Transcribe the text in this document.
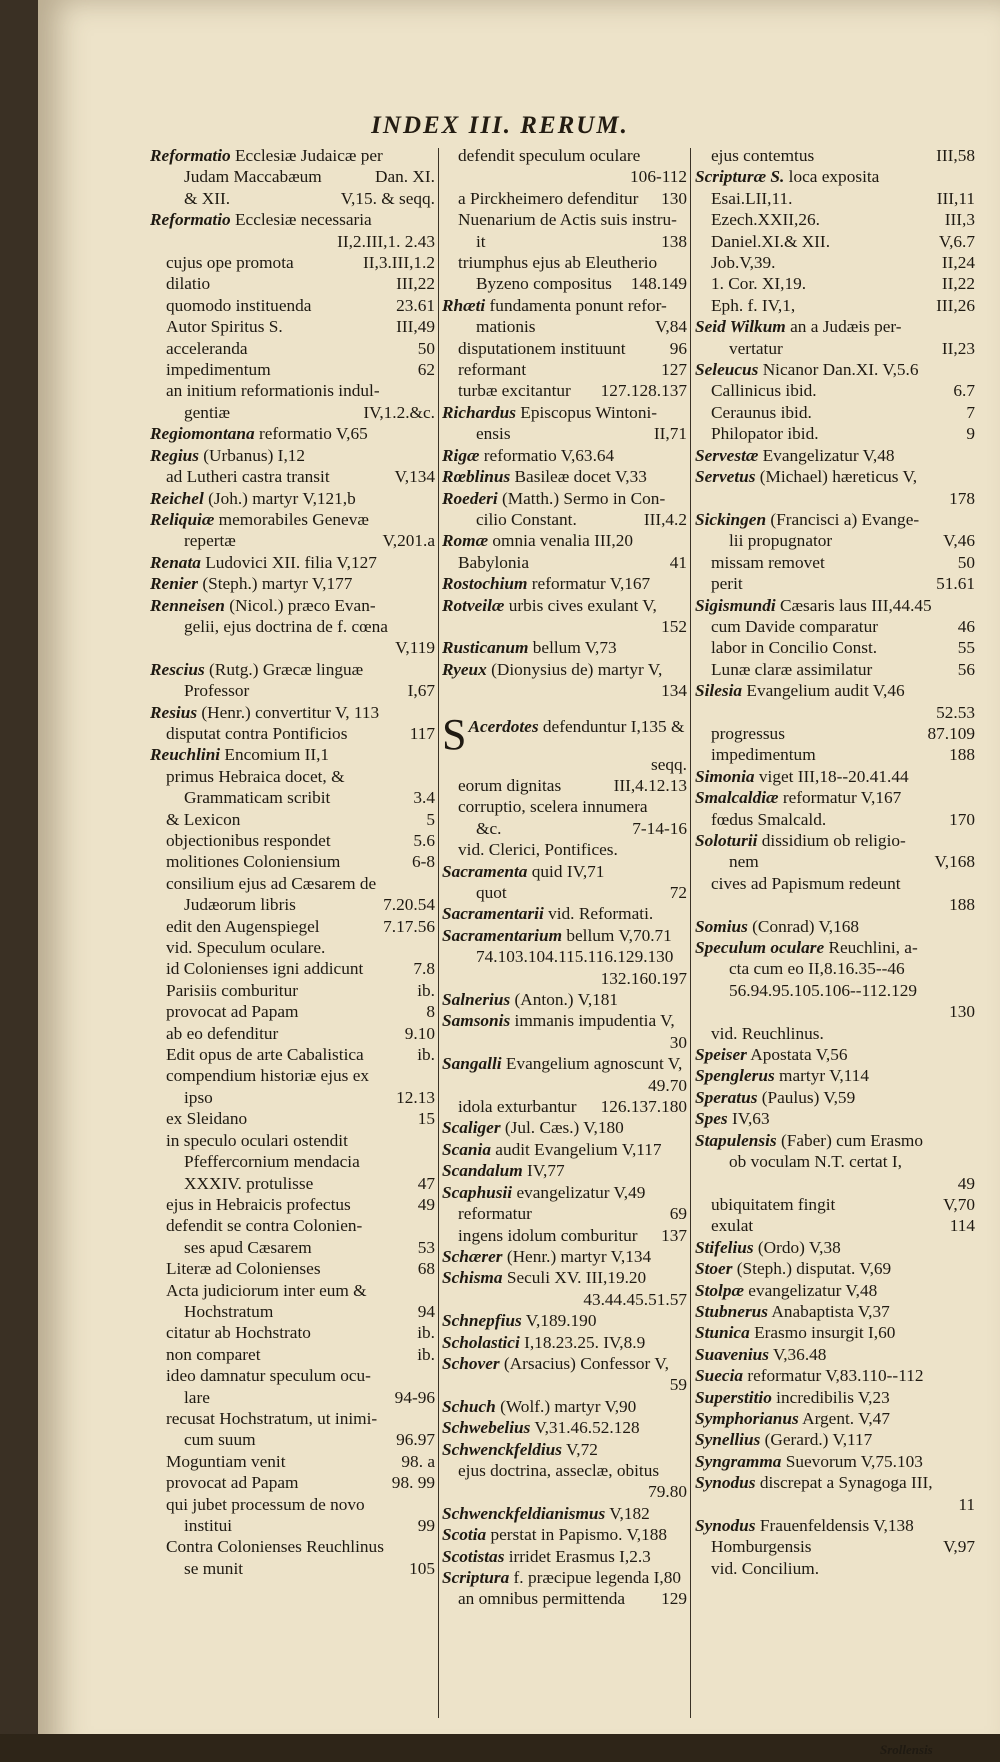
INDEX III. RERUM.
Reformatio Ecclesiæ Judaicæ per
Judam Maccabæum	Dan. XI.
& XII.	V,15. & seqq.
Reformatio Ecclesiæ necessaria
II,2.III,1. 2.43
cujus ope promota	II,3.III,1.2
dilatio	III,22
quomodo instituenda	23.61
Autor Spiritus S.	III,49
acceleranda	50
impedimentum	62
an initium reformationis indul-
gentiæ	IV,1.2.&c.
Regiomontana reformatio V,65
Regius (Urbanus) I,12
ad Lutheri castra transit	V,134
Reichel (Joh.) martyr V,121,b
Reliquiæ memorabiles Genevæ
repertæ	V,201.a
Renata Ludovici XII. filia V,127
Renier (Steph.) martyr V,177
Renneisen (Nicol.) præco Evan-
gelii, ejus doctrina de f. cœna
V,119
Rescius (Rutg.) Græcæ linguæ
Professor	I,67
Resius (Henr.) convertitur V, 113
disputat contra Pontificios	117
Reuchlini Encomium II,1
primus Hebraica docet, &
Grammaticam scribit	3.4
& Lexicon	5
objectionibus respondet	5.6
molitiones Coloniensium	6-8
consilium ejus ad Cæsarem de
Judæorum libris	7.20.54
edit den Augenspiegel	7.17.56
vid. Speculum oculare.
id Colonienses igni addicunt	7.8
Parisiis comburitur	ib.
provocat ad Papam	8
ab eo defenditur	9.10
Edit opus de arte Cabalistica	ib.
compendium historiæ ejus ex
ipso	12.13
ex Sleidano	15
in speculo oculari ostendit
Pfeffercornium mendacia
XXXIV. protulisse	47
ejus in Hebraicis profectus	49
defendit se contra Colonien-
ses apud Cæsarem	53
Literæ ad Colonienses	68
Acta judiciorum inter eum &
Hochstratum	94
citatur ab Hochstrato	ib.
non comparet	ib.
ideo damnatur speculum ocu-
lare	94-96
recusat Hochstratum, ut inimi-
cum suum	96.97
Moguntiam venit	98. a
provocat ad Papam	98. 99
qui jubet processum de novo
institui	99
Contra Colonienses Reuchlinus
se munit	105
defendit speculum oculare
106-112
a Pirckheimero defenditur	130
Nuenarium de Actis suis instru-
it	138
triumphus ejus ab Eleutherio
Byzeno compositus	148.149
Rhæti fundamenta ponunt refor-
mationis	V,84
disputationem instituunt	96
reformant	127
turbæ excitantur	127.128.137
Richardus Episcopus Wintoni-
ensis	II,71
Rigæ reformatio V,63.64
Rœblinus Basileæ docet V,33
Roederi (Matth.) Sermo in Con-
cilio Constant.	III,4.2
Romæ omnia venalia III,20
Babylonia	41
Rostochium reformatur V,167
Rotveilæ urbis cives exulant V,
152
Rusticanum bellum V,73
Ryeux (Dionysius de) martyr V,
134
S Acerdotes defenduntur I,135 &
seqq.
eorum dignitas	III,4.12.13
corruptio, scelera innumera
&c.	7-14-16
vid. Clerici, Pontifices.
Sacramenta quid IV,71
quot	72
Sacramentarii vid. Reformati.
Sacramentarium bellum V,70.71
74.103.104.115.116.129.130
132.160.197
Salnerius (Anton.) V,181
Samsonis immanis impudentia V,
30
Sangalli Evangelium agnoscunt V,
49.70
idola exturbantur	126.137.180
Scaliger (Jul. Cæs.) V,180
Scania audit Evangelium V,117
Scandalum IV,77
Scaphusii evangelizatur V,49
reformatur	69
ingens idolum comburitur	137
Schærer (Henr.) martyr V,134
Schisma Seculi XV. III,19.20
43.44.45.51.57
Schnepfius V,189.190
Scholastici I,18.23.25. IV,8.9
Schover (Arsacius) Confessor V,
59
Schuch (Wolf.) martyr V,90
Schwebelius V,31.46.52.128
Schwenckfeldius V,72
ejus doctrina, asseclæ, obitus
79.80
Schwenckfeldianismus V,182
Scotia perstat in Papismo. V,188
Scotistas irridet Erasmus I,2.3
Scriptura f. præcipue legenda I,80
an omnibus permittenda	129
ejus contemtus	III,58
Scripturæ S. loca exposita
Esai.LII,11.	III,11
Ezech.XXII,26.	III,3
Daniel.XI.& XII.	V,6.7
Job.V,39.	II,24
1. Cor. XI,19.	II,22
Eph. f. IV,1,	III,26
Seid Wilkum an a Judæis per-
vertatur	II,23
Seleucus Nicanor Dan.XI. V,5.6
Callinicus ibid.	6.7
Ceraunus ibid.	7
Philopator ibid.	9
Servestæ Evangelizatur V,48
Servetus (Michael) hæreticus V,
178
Sickingen (Francisci a) Evange-
lii propugnator	V,46
missam removet	50
perit	51.61
Sigismundi Cæsaris laus III,44.45
cum Davide comparatur	46
labor in Concilio Const.	55
Lunæ claræ assimilatur	56
Silesia Evangelium audit V,46
52.53
progressus	87.109
impedimentum	188
Simonia viget III,18--20.41.44
Smalcaldiæ reformatur V,167
fœdus Smalcald.	170
Soloturii dissidium ob religio-
nem	V,168
cives ad Papismum redeunt
188
Somius (Conrad) V,168
Speculum oculare Reuchlini, a-
cta cum eo II,8.16.35--46
56.94.95.105.106--112.129
130
vid. Reuchlinus.
Speiser Apostata V,56
Spenglerus martyr V,114
Speratus (Paulus) V,59
Spes IV,63
Stapulensis (Faber) cum Erasmo
ob voculam N.T. certat I,
49
ubiquitatem fingit	V,70
exulat	114
Stifelius (Ordo) V,38
Stoer (Steph.) disputat. V,69
Stolpæ evangelizatur V,48
Stubnerus Anabaptista V,37
Stunica Erasmo insurgit I,60
Suavenius V,36.48
Suecia reformatur V,83.110--112
Superstitio incredibilis V,23
Symphorianus Argent. V,47
Synellius (Gerard.) V,117
Syngramma Suevorum V,75.103
Synodus discrepat a Synagoga III,
11
Synodus Frauenfeldensis V,138
Homburgensis	V,97
vid. Concilium.
Srollensis
